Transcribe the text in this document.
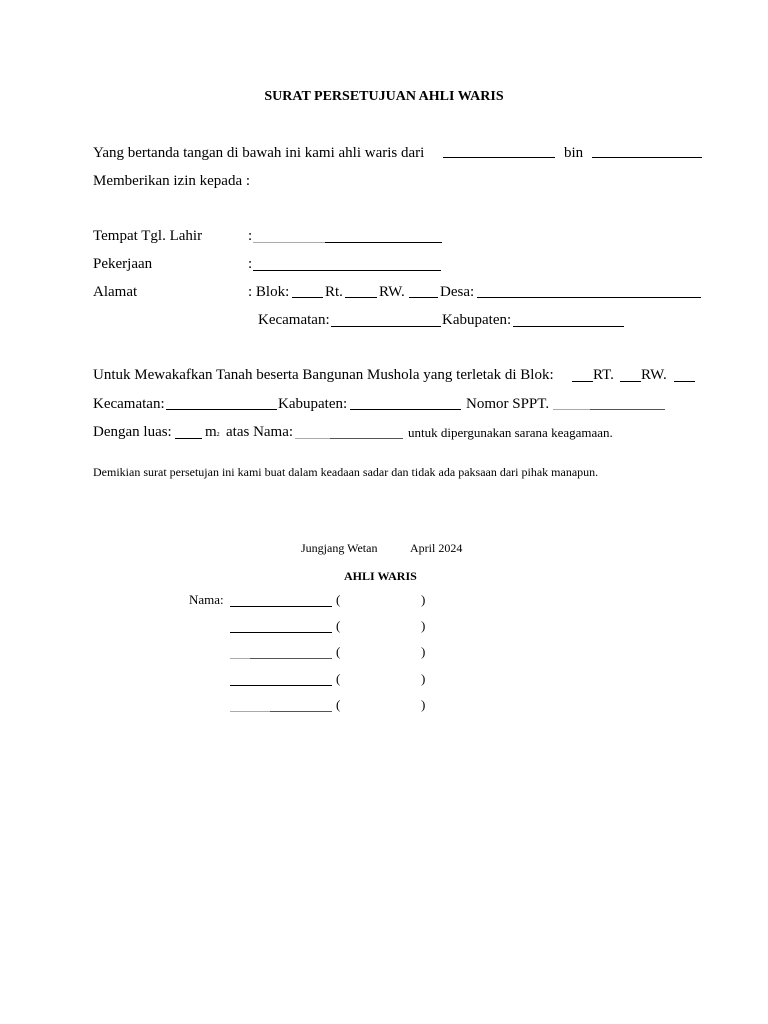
SURAT PERSETUJUAN AHLI WARIS
Yang bertanda tangan di bawah ini kami ahli waris dari	bin
Memberikan izin kepada :
Tempat Tgl. Lahir	:
Pekerjaan	:
Alamat	: Blok: Rt. RW. Desa:
Kecamatan:	Kabupaten:
Untuk Mewakafkan Tanah beserta Bangunan Mushola yang terletak di Blok:	RT. RW.
Kecamatan:	Kabupaten:	Nomor SPPT.
Dengan luas: $m^2$ atas Nama:	untuk dipergunakan sarana keagamaan.
Demikian surat persetujan ini kami buat dalam keadaan sadar dan tidak ada paksaan dari pihak manapun.
Jungjang Wetan	April 2024
AHLI WARIS
Nama:	(	)
(	)
(	)
(	)
(	)
